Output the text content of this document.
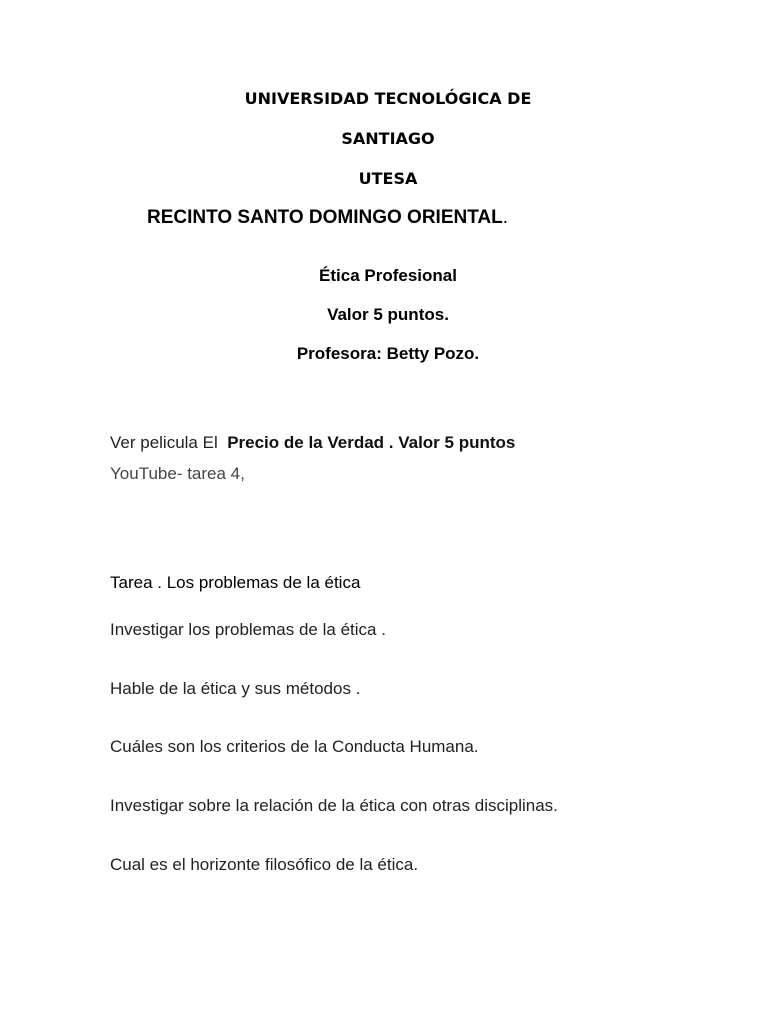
UNIVERSIDAD TECNOLÓGICA DE

SANTIAGO

UTESA

RECINTO SANTO DOMINGO ORIENTAL.

Ética Profesional

Valor 5 puntos.

Profesora: Betty Pozo.

Ver pelicula El Precio de la Verdad . Valor 5 puntos

YouTube- tarea 4,

Tarea . Los problemas de la ética

Investigar los problemas de la ética .

Hable de la ética y sus métodos .

Cuáles son los criterios de la Conducta Humana.

Investigar sobre la relación de la ética con otras disciplinas.

Cual es el horizonte filosófico de la ética.
